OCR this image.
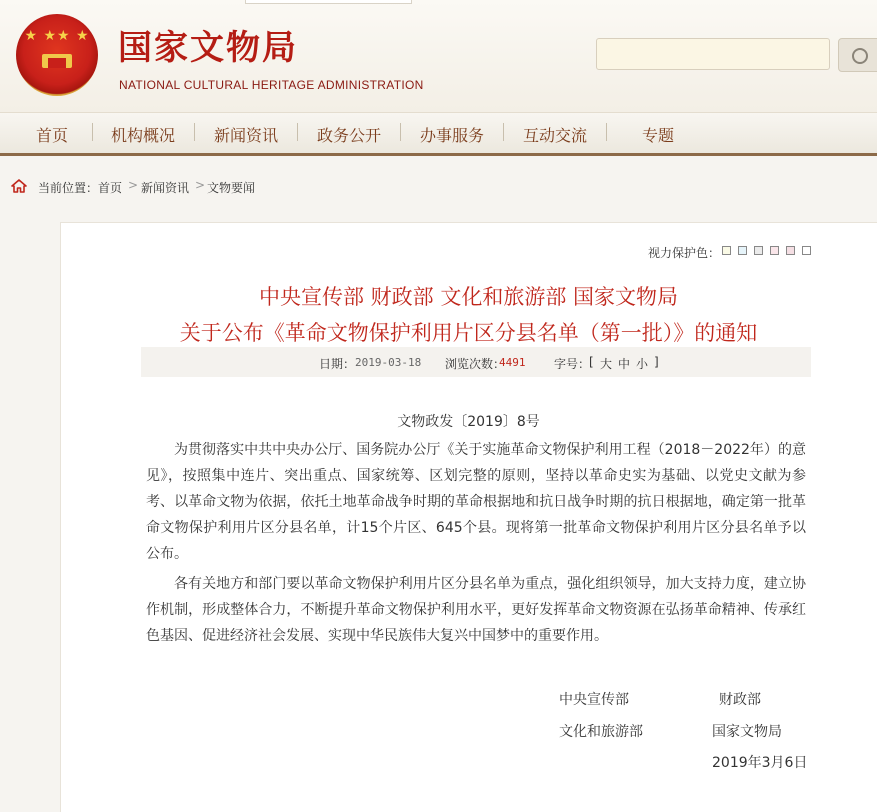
★ ★★ ★ 国家文物局
NATIONAL CULTURAL HERITAGE ADMINISTRATION
首页	机构概况 新闻资讯 政务公开 办事服务 互动交流	专题
当前位置： 首页 > 新闻资讯 > 文物要闻
视力保护色：
中央宣传部 财政部 文化和旅游部 国家文物局
关于公布《革命文物保护利用片区分县名单（第一批）》的通知
日期： 2019-03-18 浏览次数：
4491 字号：
[ 大 中 小 ]
文物政发〔2019〕8号
为贯彻落实中共中央办公厅、国务院办公厅《关于实施革命文物保护利用工程（2018－2022年）的意见》，按照集中连片、突出重点、国家统筹、区划完整的原则，坚持以革命史实为基础、以党史文献为参考、以革命文物为依据，依托土地革命战争时期的革命根据地和抗日战争时期的抗日根据地，确定第一批革命文物保护利用片区分县名单，计15个片区、645个县。现将第一批革命文物保护利用片区分县名单予以公布。
各有关地方和部门要以革命文物保护利用片区分县名单为重点，强化组织领导，加大支持力度，建立协作机制，形成整体合力，不断提升革命文物保护利用水平，更好发挥革命文物资源在弘扬革命精神、传承红色基因、促进经济社会发展、实现中华民族伟大复兴中国梦中的重要作用。
中央宣传部	财政部
文化和旅游部	国家文物局
2019年3月6日
